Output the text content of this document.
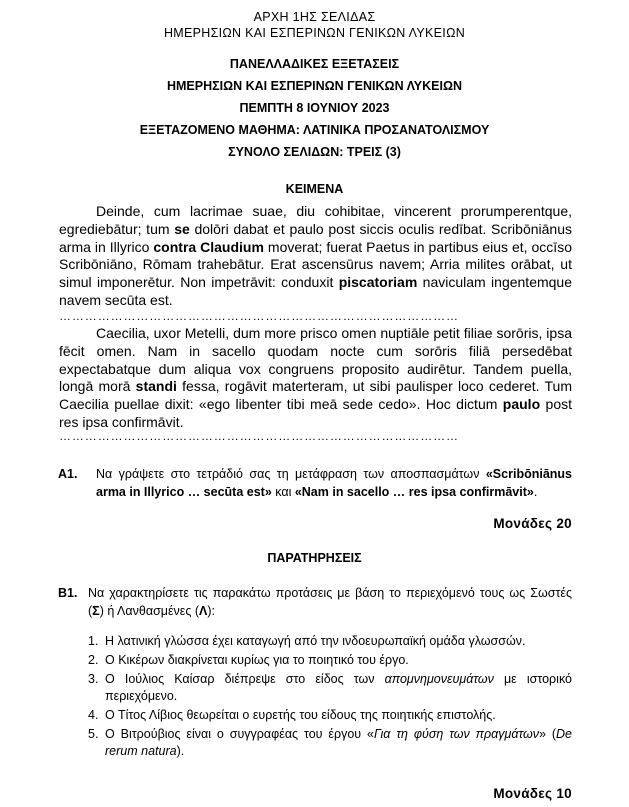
ΑΡΧΗ 1ΗΣ ΣΕΛΙΔΑΣ
ΗΜΕΡΗΣΙΩΝ ΚΑΙ ΕΣΠΕΡΙΝΩΝ ΓΕΝΙΚΩΝ ΛΥΚΕΙΩΝ
ΠΑΝΕΛΛΑΔΙΚΕΣ ΕΞΕΤΑΣΕΙΣ
ΗΜΕΡΗΣΙΩΝ ΚΑΙ ΕΣΠΕΡΙΝΩΝ ΓΕΝΙΚΩΝ ΛΥΚΕΙΩΝ
ΠΕΜΠΤΗ 8 ΙΟΥΝΙΟΥ 2023
ΕΞΕΤΑΖΟΜΕΝΟ ΜΑΘΗΜΑ: ΛΑΤΙΝΙΚΑ ΠΡΟΣΑΝΑΤΟΛΙΣΜΟΥ
ΣΥΝΟΛΟ ΣΕΛΙΔΩΝ: ΤΡΕΙΣ (3)
ΚΕΙΜΕΝΑ
Deinde, cum lacrimae suae, diu cohibitae, vincerent prorumperentque, egrediebātur; tum se dolōri dabat et paulo post siccis oculis redībat. Scribōniānus arma in Illyrico contra Claudium moverat; fuerat Paetus in partibus eius et, occīso Scribōniāno, Rōmam trahebātur. Erat ascensūrus navem; Arria milites orābat, ut simul imponerētur. Non impetrāvit: conduxit piscatoriam naviculam ingentemque navem secūta est.
…………………………………………………………………………………
Caecilia, uxor Metelli, dum more prisco omen nuptiāle petit filiae sorōris, ipsa fēcit omen. Nam in sacello quodam nocte cum sorōris filiā persedēbat expectabatque dum aliqua vox congruens proposito audirētur. Tandem puella, longā morā standi fessa, rogāvit materteram, ut sibi paulisper loco cederet. Tum Caecilia puellae dixit: «ego libenter tibi meā sede cedo». Hoc dictum paulo post res ipsa confirmāvit.
…………………………………………………………………………………
A1. Να γράψετε στο τετράδιό σας τη μετάφραση των αποσπασμάτων «Scribōniānus arma in Illyrico … secūta est» και «Nam in sacello … res ipsa confirmāvit».
Μονάδες 20
ΠΑΡΑΤΗΡΗΣΕΙΣ
B1. Να χαρακτηρίσετε τις παρακάτω προτάσεις με βάση το περιεχόμενό τους ως Σωστές (Σ) ή Λανθασμένες (Λ):
1. Η λατινική γλώσσα έχει καταγωγή από την ινδοευρωπαϊκή ομάδα γλωσσών.
2. Ο Κικέρων διακρίνεται κυρίως για το ποιητικό του έργο.
3. Ο Ιούλιος Καίσαρ διέπρεψε στο είδος των απομνημονευμάτων με ιστορικό περιεχόμενο.
4. Ο Τίτος Λίβιος θεωρείται ο ευρετής του είδους της ποιητικής επιστολής.
5. Ο Βιτρούβιος είναι ο συγγραφέας του έργου «Για τη φύση των πραγμάτων» (De rerum natura).
Μονάδες 10
